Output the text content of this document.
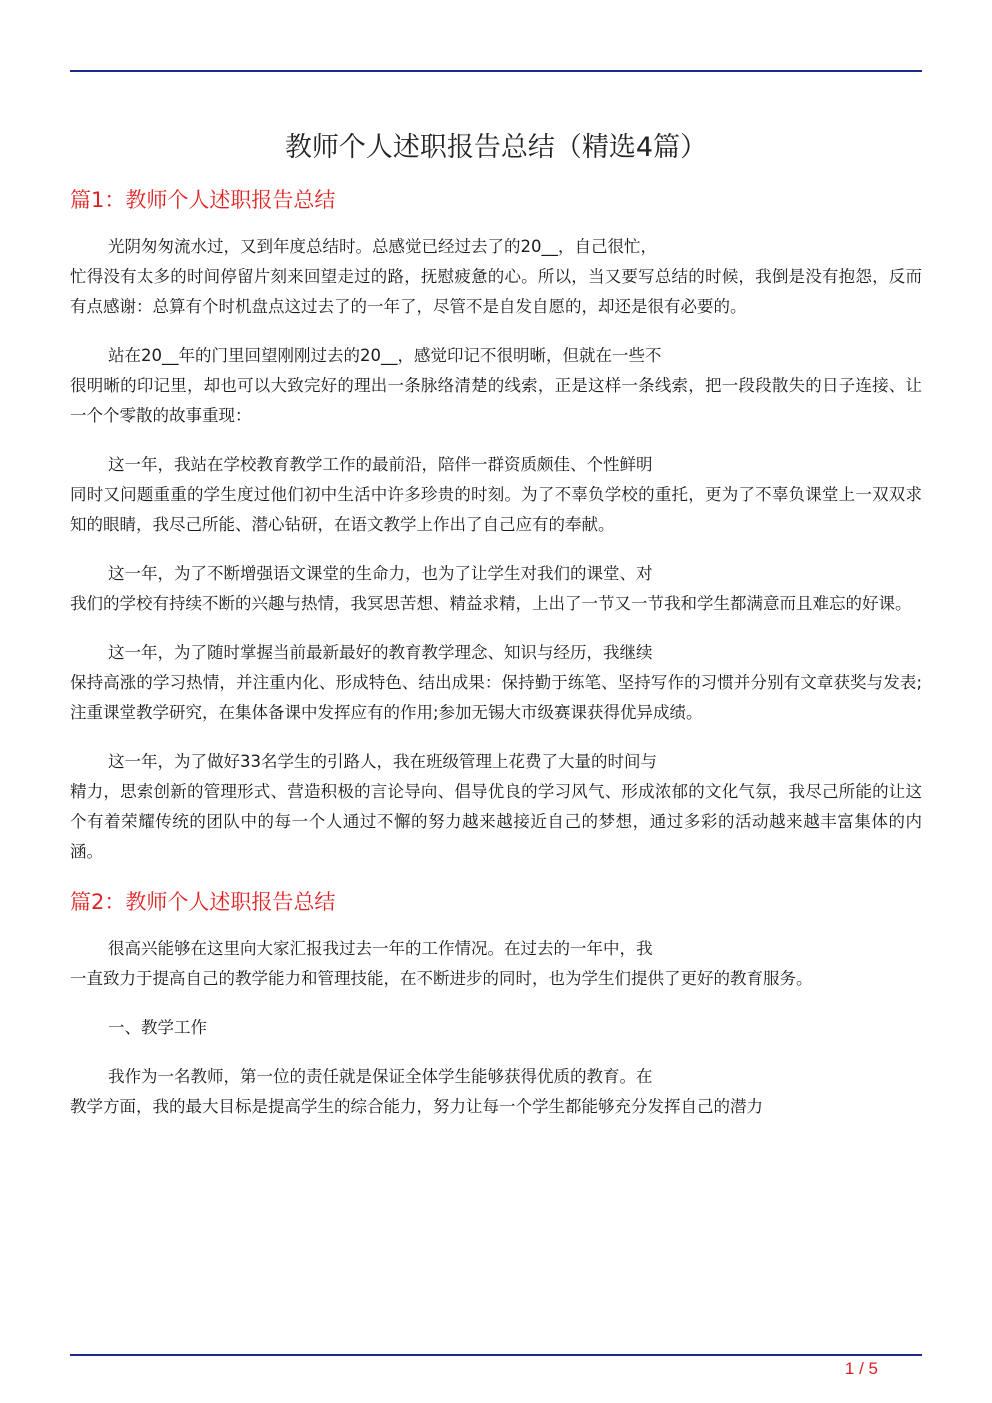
教师个人述职报告总结（精选4篇）
篇1：教师个人述职报告总结

光阴匆匆流水过，又到年度总结时。总感觉已经过去了的20__，自己很忙，
忙得没有太多的时间停留片刻来回望走过的路，抚慰疲惫的心。所以，当又要写总结的时候，我倒是没有抱怨，反而有点感谢：总算有个时机盘点这过去了的一年了，尽管不是自发自愿的，却还是很有必要的。

站在20__年的门里回望刚刚过去的20__，感觉印记不很明晰，但就在一些不
很明晰的印记里，却也可以大致完好的理出一条脉络清楚的线索，正是这样一条线索，把一段段散失的日子连接、让一个个零散的故事重现：

这一年，我站在学校教育教学工作的最前沿，陪伴一群资质颇佳、个性鲜明
同时又问题重重的学生度过他们初中生活中许多珍贵的时刻。为了不辜负学校的重托，更为了不辜负课堂上一双双求知的眼睛，我尽己所能、潜心钻研，在语文教学上作出了自己应有的奉献。

这一年，为了不断增强语文课堂的生命力，也为了让学生对我们的课堂、对
我们的学校有持续不断的兴趣与热情，我冥思苦想、精益求精，上出了一节又一节我和学生都满意而且难忘的好课。

这一年，为了随时掌握当前最新最好的教育教学理念、知识与经历，我继续
保持高涨的学习热情，并注重内化、形成特色、结出成果：保持勤于练笔、坚持写作的习惯并分别有文章获奖与发表;注重课堂教学研究，在集体备课中发挥应有的作用;参加无锡大市级赛课获得优异成绩。

这一年，为了做好33名学生的引路人，我在班级管理上花费了大量的时间与
精力，思索创新的管理形式、营造积极的言论导向、倡导优良的学习风气、形成浓郁的文化气氛，我尽己所能的让这个有着荣耀传统的团队中的每一个人通过不懈的努力越来越接近自己的梦想，通过多彩的活动越来越丰富集体的内涵。

篇2：教师个人述职报告总结

很高兴能够在这里向大家汇报我过去一年的工作情况。在过去的一年中，我
一直致力于提高自己的教学能力和管理技能，在不断进步的同时，也为学生们提供了更好的教育服务。

一、教学工作

我作为一名教师，第一位的责任就是保证全体学生能够获得优质的教育。在
教学方面，我的最大目标是提高学生的综合能力，努力让每一个学生都能够充分发挥自己的潜力

1 / 5
